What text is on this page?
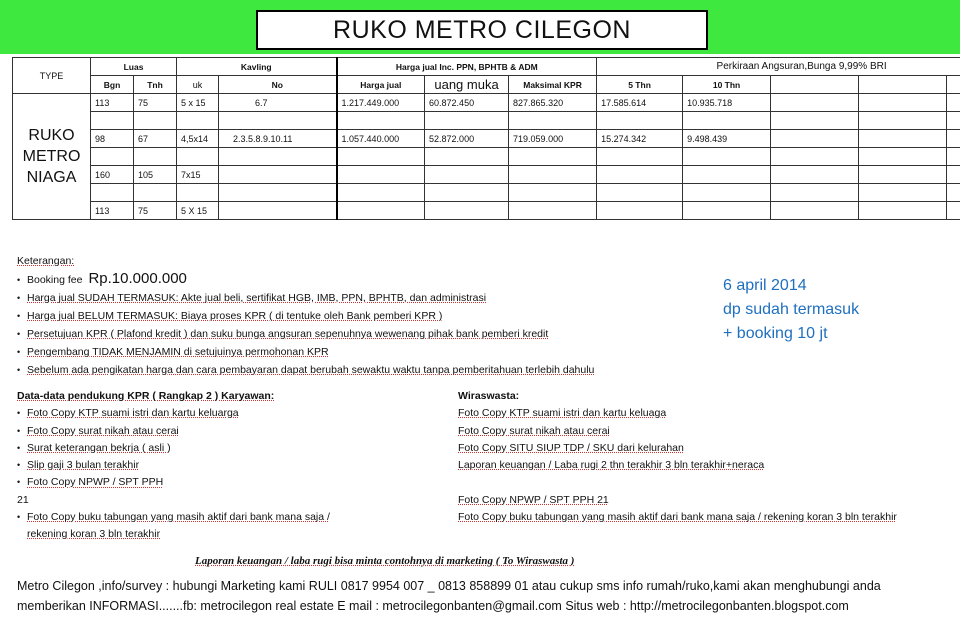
RUKO METRO CILEGON
TYPE	Luas		Kavling		Harga jual Inc. PPN, BPHTB & ADM			Perkiraan Angsuran,Bunga 9,99% BRI				
	Bgn	Tnh	uk	No	Harga jual	uang muka	Maksimal KPR	5 Thn	10 Thn			

RUKO
METRO
NIAGA	113	75	5 x 15	6.7	1.217.449.000	60.872.450	827.865.320	17.585.614	10.935.718			

	98	67	4,5x14	2.3.5.8.9.10.11	1.057.440.000	52.872.000	719.059.000	15.274.342	9.498.439			

	160	105	7x15									

	113	75	5 X 15									
Keterangan:
• Booking fee Rp.10.000.000
• Harga jual SUDAH TERMASUK: Akte jual beli, sertifikat HGB, IMB, PPN, BPHTB, dan administrasi
• Harga jual BELUM TERMASUK: Biaya proses KPR ( di tentuke oleh Bank pemberi KPR )
• Persetujuan KPR ( Plafond kredit ) dan suku bunga angsuran sepenuhnya wewenang pihak bank pemberi kredit
• Pengembang TIDAK MENJAMIN di setujuinya permohonan KPR
• Sebelum ada pengikatan harga dan cara pembayaran dapat berubah sewaktu waktu tanpa pemberitahuan terlebih dahulu
6 april 2014
dp sudah termasuk
+ booking 10 jt
Data-data pendukung KPR ( Rangkap 2 ) Karyawan:
• Foto Copy KTP suami istri dan kartu keluarga
• Foto Copy surat nikah atau cerai
• Surat keterangan bekrja ( asli )
• Slip gaji 3 bulan terakhir
• Foto Copy NPWP / SPT PPH
21
• Foto Copy buku tabungan yang masih aktif dari bank mana saja /
rekening koran 3 bln terakhir
Wiraswasta:
Foto Copy KTP suami istri dan kartu keluaga
Foto Copy surat nikah atau cerai
Foto Copy SITU SIUP TDP / SKU dari kelurahan
Laporan keuangan / Laba rugi 2 thn terakhir 3 bln terakhir+neraca
Foto Copy NPWP / SPT PPH 21
Foto Copy buku tabungan yang masih aktif dari bank mana saja / rekening koran 3 bln terakhir
Laporan keuangan / laba rugi bisa minta contohnya di marketing ( To Wiraswasta )
Metro Cilegon ,info/survey : hubungi Marketing kami RULI 0817 9954 007 _ 0813 858899 01 atau cukup sms info rumah/ruko,kami akan menghubungi anda
memberikan INFORMASI.......fb: metrocilegon real estate E mail : metrocilegonbanten@gmail.com Situs web : http://metrocilegonbanten.blogspot.com
